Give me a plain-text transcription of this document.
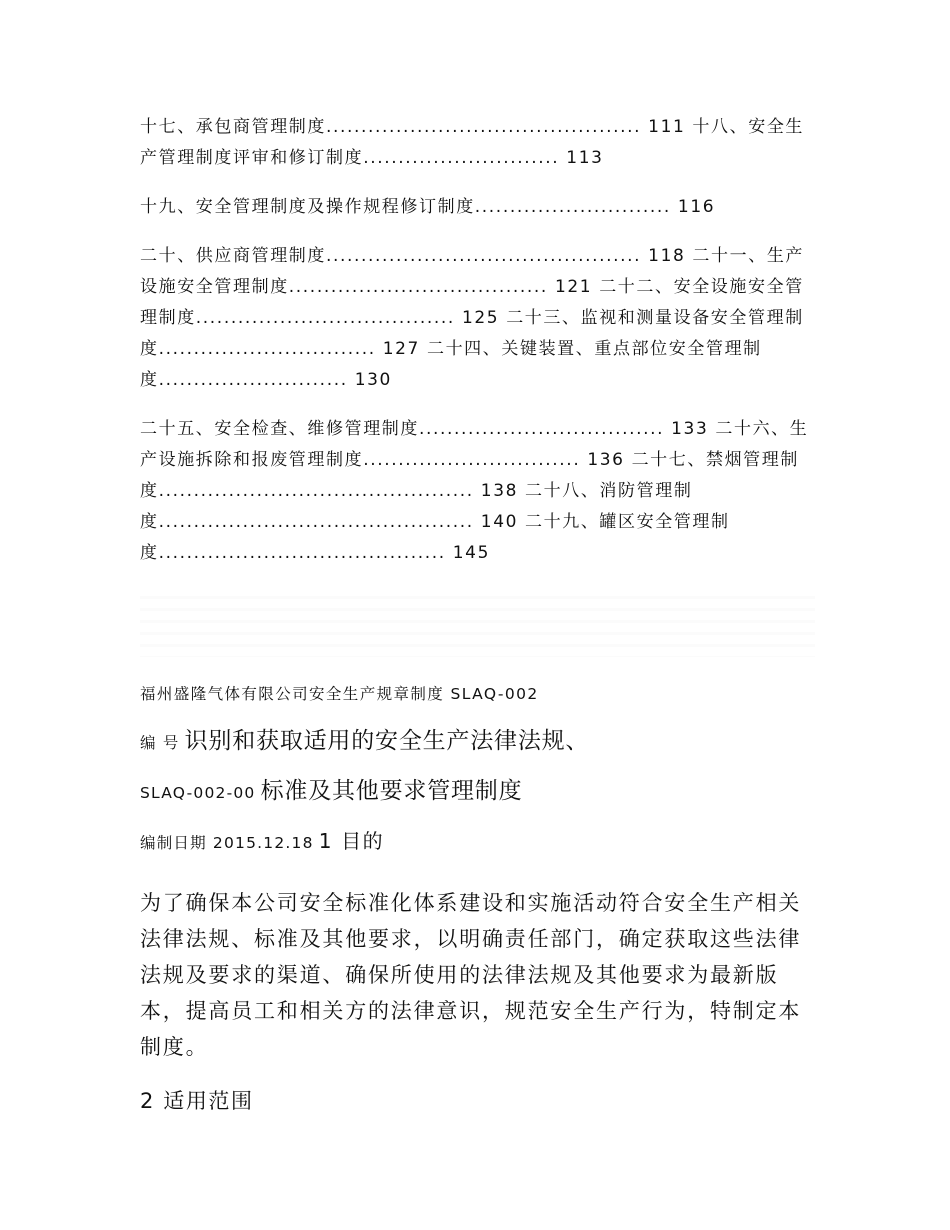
十七、承包商管理制度............................................. 111 十八、安全生产管理制度评审和修订制度............................ 113

十九、安全管理制度及操作规程修订制度............................ 116

二十、供应商管理制度............................................. 118 二十一、生产设施安全管理制度..................................... 121 二十二、安全设施安全管理制度..................................... 125 二十三、监视和测量设备安全管理制度............................... 127 二十四、关键装置、重点部位安全管理制度........................... 130

二十五、安全检查、维修管理制度................................... 133 二十六、生产设施拆除和报废管理制度............................... 136 二十七、禁烟管理制度............................................. 138 二十八、消防管理制度............................................. 140 二十九、罐区安全管理制度......................................... 145

福州盛隆气体有限公司安全生产规章制度 SLAQ-002
编 号 识别和获取适用的安全生产法律法规、
SLAQ-002-00 标准及其他要求管理制度
编制日期 2015.12.18 1 目的

为了确保本公司安全标准化体系建设和实施活动符合安全生产相关法律法规、标准及其他要求，以明确责任部门，确定获取这些法律法规及要求的渠道、确保所使用的法律法规及其他要求为最新版本，提高员工和相关方的法律意识，规范安全生产行为，特制定本制度。

2 适用范围
